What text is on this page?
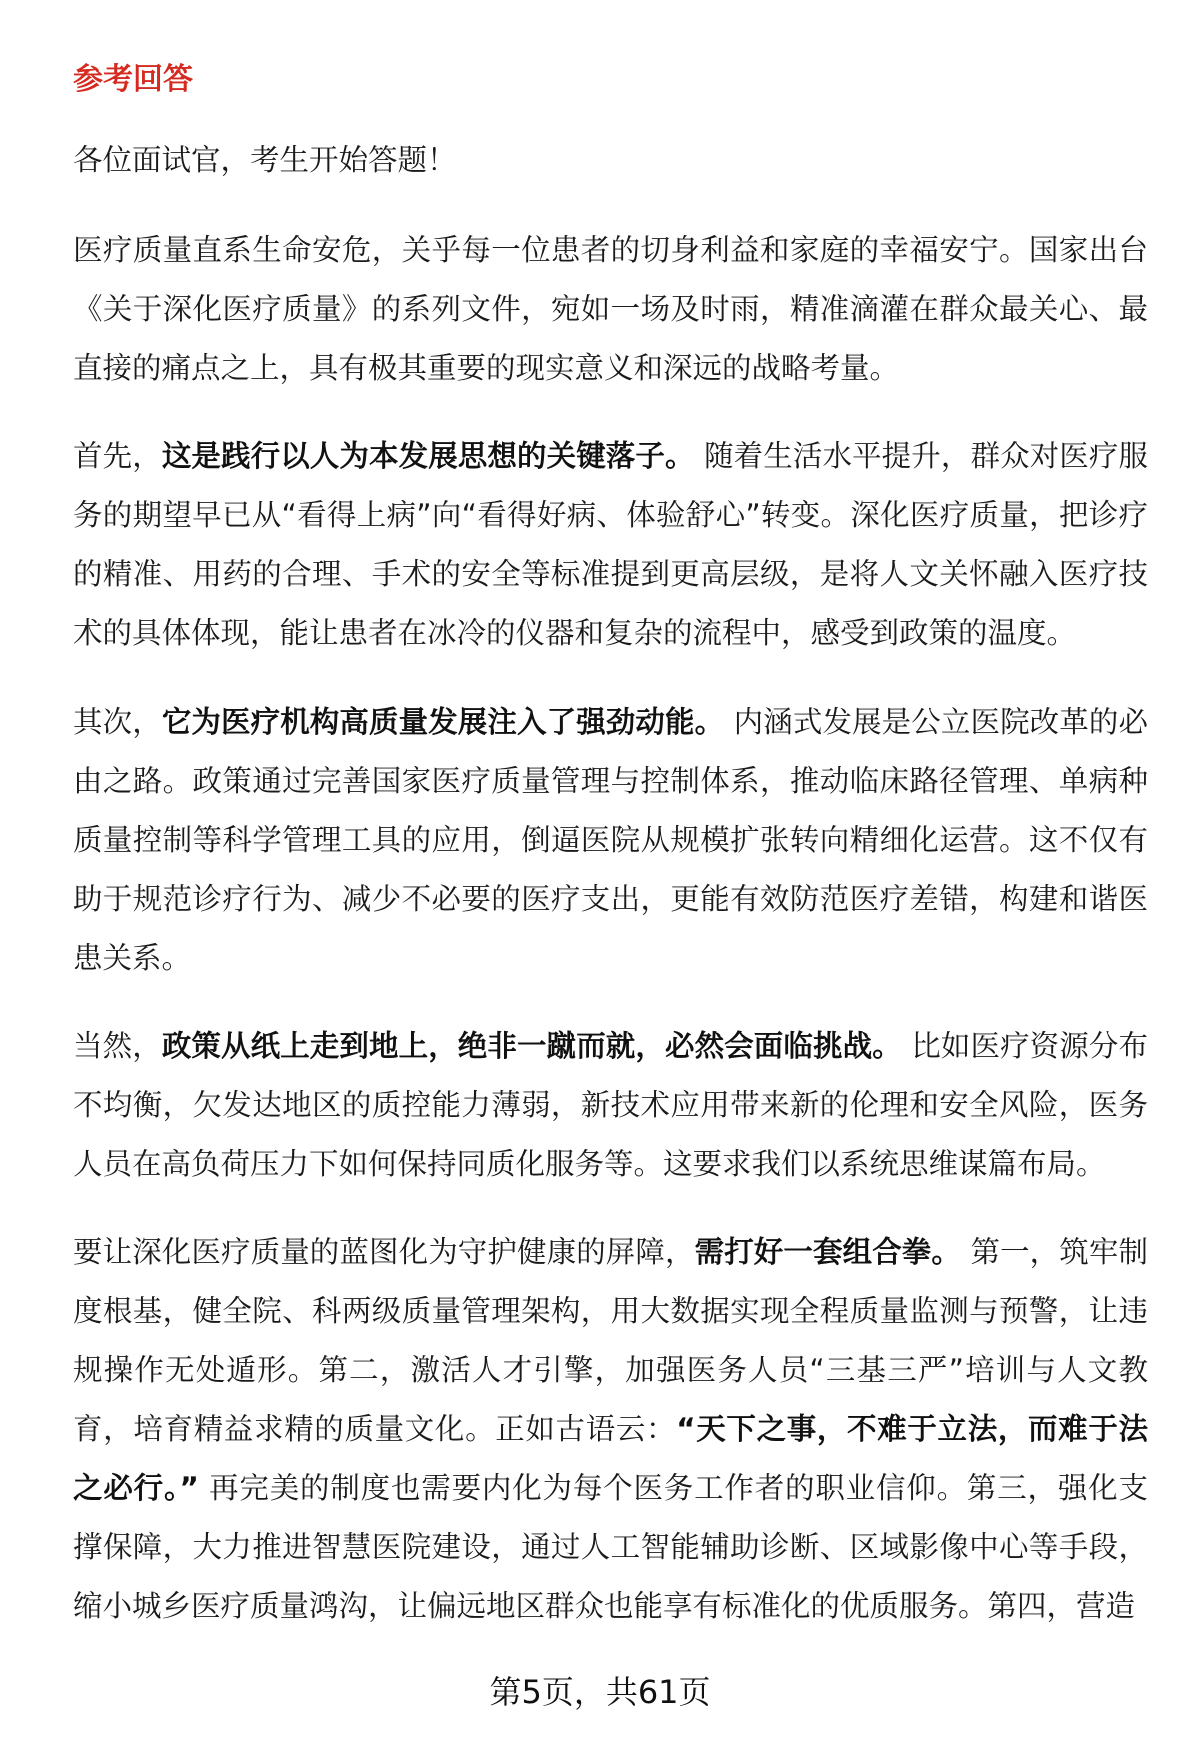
参考回答

各位面试官，考生开始答题！

医疗质量直系生命安危，关乎每一位患者的切身利益和家庭的幸福安宁。国家出台《关于深化医疗质量》的系列文件，宛如一场及时雨，精准滴灌在群众最关心、最直接的痛点之上，具有极其重要的现实意义和深远的战略考量。

首先，这是践行以人为本发展思想的关键落子。 随着生活水平提升，群众对医疗服务的期望早已从“看得上病”向“看得好病、体验舒心”转变。深化医疗质量，把诊疗的精准、用药的合理、手术的安全等标准提到更高层级，是将人文关怀融入医疗技术的具体体现，能让患者在冰冷的仪器和复杂的流程中，感受到政策的温度。

其次，它为医疗机构高质量发展注入了强劲动能。 内涵式发展是公立医院改革的必由之路。政策通过完善国家医疗质量管理与控制体系，推动临床路径管理、单病种质量控制等科学管理工具的应用，倒逼医院从规模扩张转向精细化运营。这不仅有助于规范诊疗行为、减少不必要的医疗支出，更能有效防范医疗差错，构建和谐医患关系。

当然，政策从纸上走到地上，绝非一蹴而就，必然会面临挑战。 比如医疗资源分布不均衡，欠发达地区的质控能力薄弱，新技术应用带来新的伦理和安全风险，医务人员在高负荷压力下如何保持同质化服务等。这要求我们以系统思维谋篇布局。

要让深化医疗质量的蓝图化为守护健康的屏障，需打好一套组合拳。 第一，筑牢制度根基，健全院、科两级质量管理架构，用大数据实现全程质量监测与预警，让违规操作无处遁形。第二，激活人才引擎，加强医务人员“三基三严”培训与人文教育，培育精益求精的质量文化。正如古语云：“天下之事，不难于立法，而难于法之必行。” 再完美的制度也需要内化为每个医务工作者的职业信仰。第三，强化支撑保障，大力推进智慧医院建设，通过人工智能辅助诊断、区域影像中心等手段，缩小城乡医疗质量鸿沟，让偏远地区群众也能享有标准化的优质服务。第四，营造

第5页，共61页
